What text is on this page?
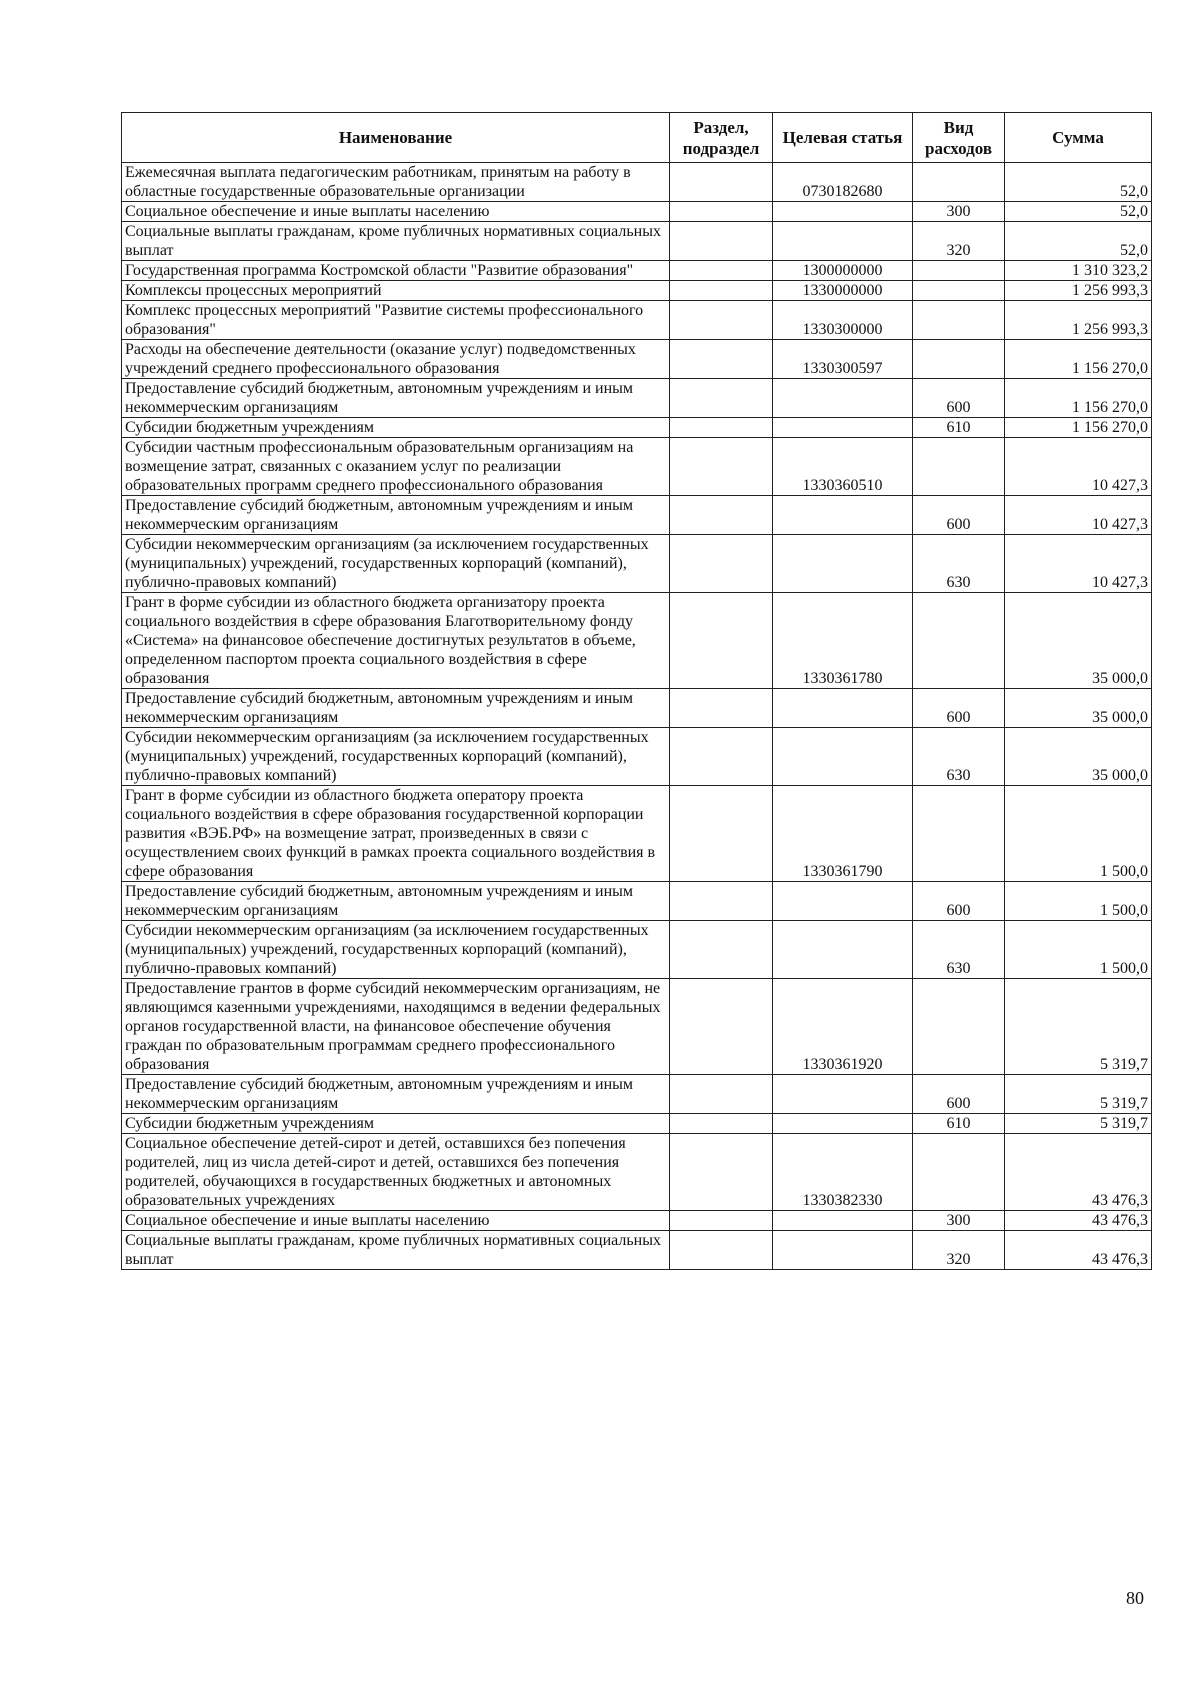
Наименование	Раздел, подраздел	Целевая статья	Вид расходов	Сумма
Ежемесячная выплата педагогическим работникам, принятым на работу в областные государственные образовательные организации		0730182680		52,0
Социальное обеспечение и иные выплаты населению			300	52,0
Социальные выплаты гражданам, кроме публичных нормативных социальных выплат			320	52,0
Государственная программа Костромской области "Развитие образования"		1300000000		1 310 323,2
Комплексы процессных мероприятий		1330000000		1 256 993,3
Комплекс процессных мероприятий "Развитие системы профессионального образования"		1330300000		1 256 993,3
Расходы на обеспечение деятельности (оказание услуг) подведомственных учреждений среднего профессионального образования		1330300597		1 156 270,0
Предоставление субсидий бюджетным, автономным учреждениям и иным некоммерческим организациям			600	1 156 270,0
Субсидии бюджетным учреждениям			610	1 156 270,0
Субсидии частным профессиональным образовательным организациям на возмещение затрат, связанных с оказанием услуг по реализации образовательных программ среднего профессионального образования		1330360510		10 427,3
Предоставление субсидий бюджетным, автономным учреждениям и иным некоммерческим организациям			600	10 427,3
Субсидии некоммерческим организациям (за исключением государственных (муниципальных) учреждений, государственных корпораций (компаний), публично-правовых компаний)			630	10 427,3
Грант в форме субсидии из областного бюджета организатору проекта социального воздействия в сфере образования Благотворительному фонду «Система» на финансовое обеспечение достигнутых результатов в объеме, определенном паспортом проекта социального воздействия в сфере образования		1330361780		35 000,0
Предоставление субсидий бюджетным, автономным учреждениям и иным некоммерческим организациям			600	35 000,0
Субсидии некоммерческим организациям (за исключением государственных (муниципальных) учреждений, государственных корпораций (компаний), публично-правовых компаний)			630	35 000,0
Грант в форме субсидии из областного бюджета оператору проекта социального воздействия в сфере образования государственной корпорации развития «ВЭБ.РФ» на возмещение затрат, произведенных в связи с осуществлением своих функций в рамках проекта социального воздействия в сфере образования		1330361790		1 500,0
Предоставление субсидий бюджетным, автономным учреждениям и иным некоммерческим организациям			600	1 500,0
Субсидии некоммерческим организациям (за исключением государственных (муниципальных) учреждений, государственных корпораций (компаний), публично-правовых компаний)			630	1 500,0
Предоставление грантов в форме субсидий некоммерческим организациям, не являющимся казенными учреждениями, находящимся в ведении федеральных органов государственной власти, на финансовое обеспечение обучения граждан по образовательным программам среднего профессионального образования		1330361920		5 319,7
Предоставление субсидий бюджетным, автономным учреждениям и иным некоммерческим организациям			600	5 319,7
Субсидии бюджетным учреждениям			610	5 319,7
Социальное обеспечение детей-сирот и детей, оставшихся без попечения родителей, лиц из числа детей-сирот и детей, оставшихся без попечения родителей, обучающихся в государственных бюджетных и автономных образовательных учреждениях		1330382330		43 476,3
Социальное обеспечение и иные выплаты населению			300	43 476,3
Социальные выплаты гражданам, кроме публичных нормативных социальных выплат			320	43 476,3
80
